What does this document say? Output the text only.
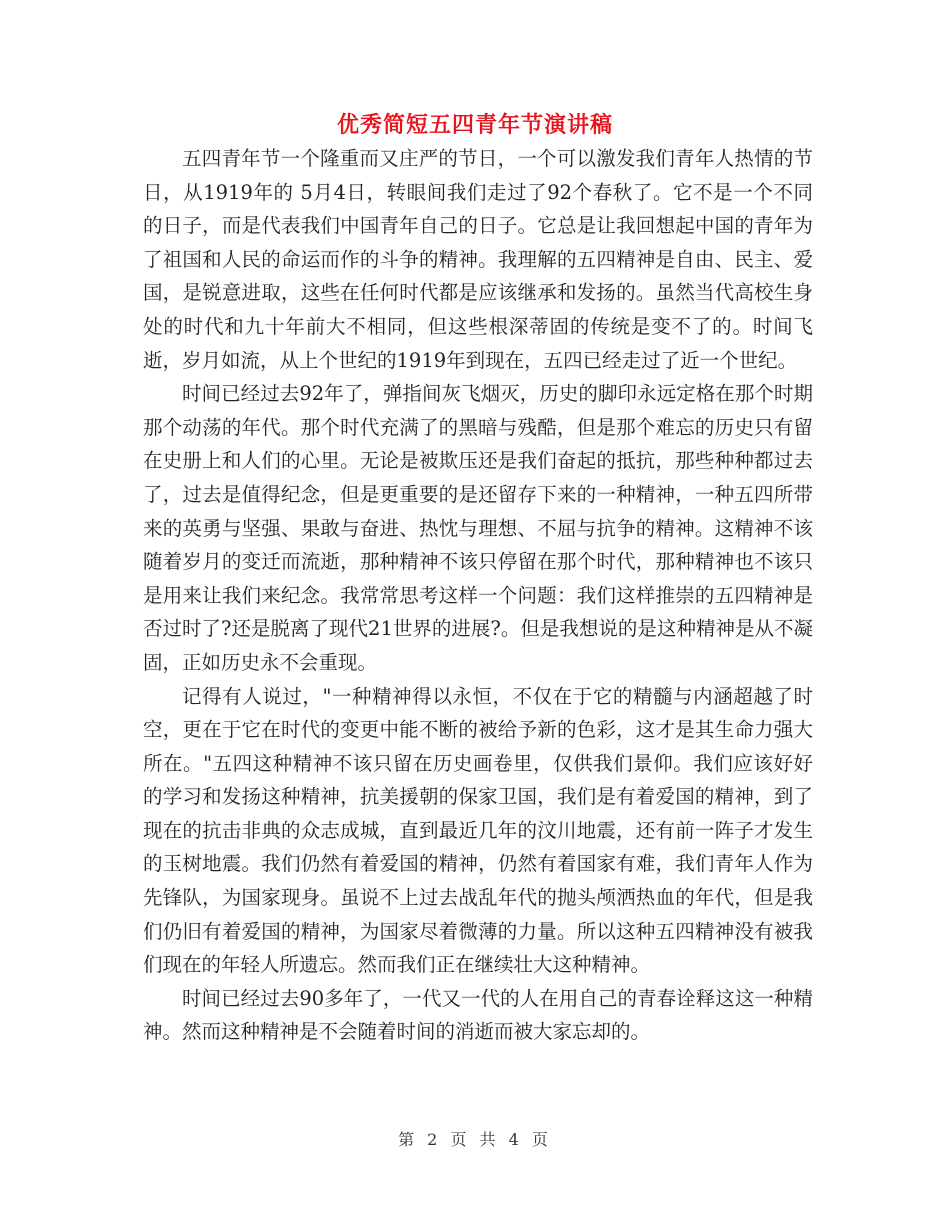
优秀简短五四青年节演讲稿

五四青年节一个隆重而又庄严的节日，一个可以激发我们青年人热情的节日，从1919年的 5月4日，转眼间我们走过了92个春秋了。它不是一个不同的日子，而是代表我们中国青年自己的日子。它总是让我回想起中国的青年为了祖国和人民的命运而作的斗争的精神。我理解的五四精神是自由、民主、爱国，是锐意进取，这些在任何时代都是应该继承和发扬的。虽然当代高校生身处的时代和九十年前大不相同，但这些根深蒂固的传统是变不了的。时间飞逝，岁月如流，从上个世纪的1919年到现在，五四已经走过了近一个世纪。

时间已经过去92年了，弹指间灰飞烟灭，历史的脚印永远定格在那个时期那个动荡的年代。那个时代充满了的黑暗与残酷，但是那个难忘的历史只有留在史册上和人们的心里。无论是被欺压还是我们奋起的抵抗，那些种种都过去了，过去是值得纪念，但是更重要的是还留存下来的一种精神，一种五四所带来的英勇与坚强、果敢与奋进、热忱与理想、不屈与抗争的精神。这精神不该随着岁月的变迁而流逝，那种精神不该只停留在那个时代，那种精神也不该只是用来让我们来纪念。我常常思考这样一个问题：我们这样推崇的五四精神是否过时了?还是脱离了现代21世界的进展?。但是我想说的是这种精神是从不凝固，正如历史永不会重现。

记得有人说过，"一种精神得以永恒，不仅在于它的精髓与内涵超越了时空，更在于它在时代的变更中能不断的被给予新的色彩，这才是其生命力强大所在。"五四这种精神不该只留在历史画卷里，仅供我们景仰。我们应该好好的学习和发扬这种精神，抗美援朝的保家卫国，我们是有着爱国的精神，到了现在的抗击非典的众志成城，直到最近几年的汶川地震，还有前一阵子才发生的玉树地震。我们仍然有着爱国的精神，仍然有着国家有难，我们青年人作为先锋队，为国家现身。虽说不上过去战乱年代的抛头颅洒热血的年代，但是我们仍旧有着爱国的精神，为国家尽着微薄的力量。所以这种五四精神没有被我们现在的年轻人所遗忘。然而我们正在继续壮大这种精神。

时间已经过去90多年了，一代又一代的人在用自己的青春诠释这这一种精神。然而这种精神是不会随着时间的消逝而被大家忘却的。

第 2 页 共 4 页
